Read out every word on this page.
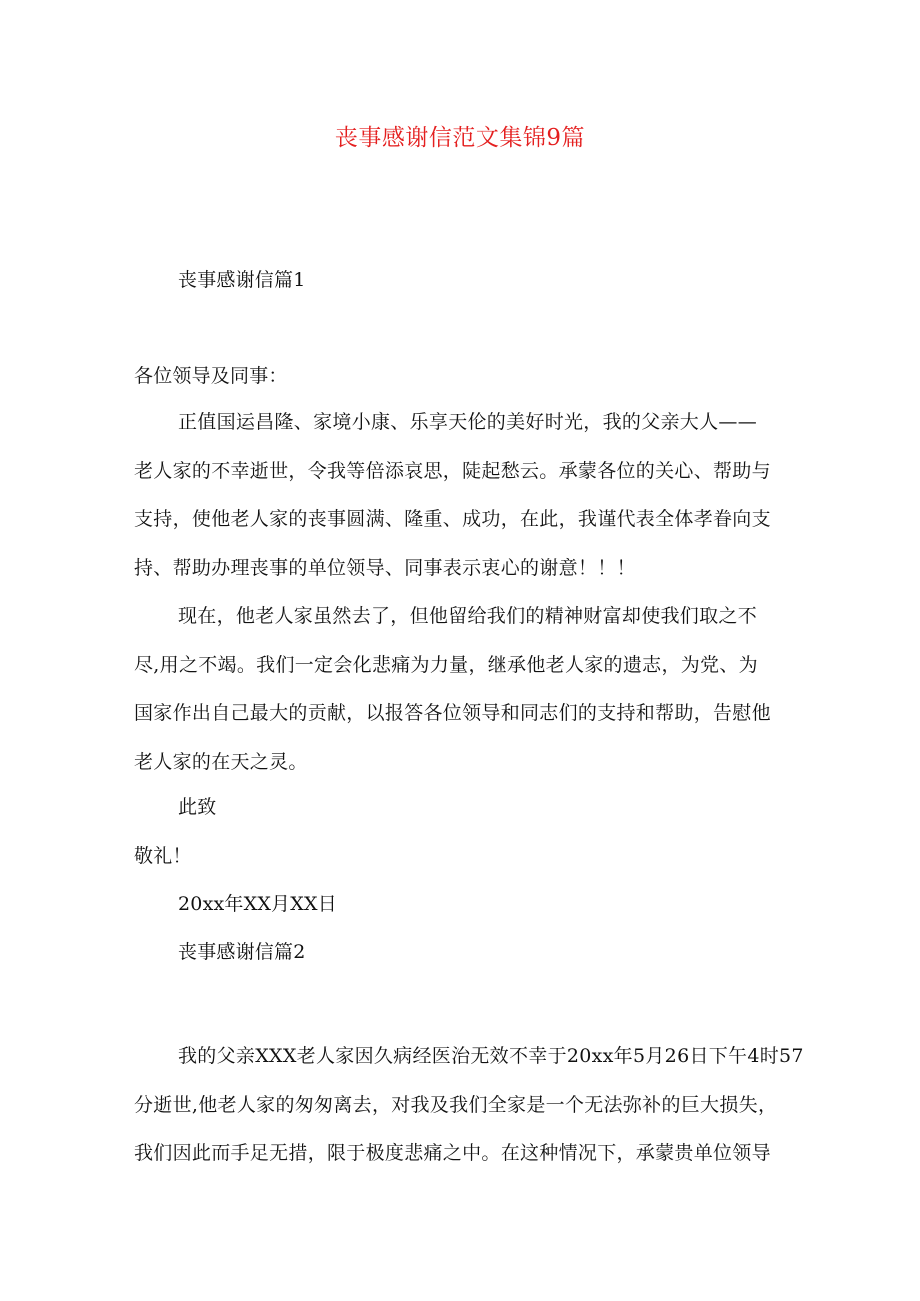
丧事感谢信范文集锦9篇
丧事感谢信篇1
各位领导及同事：
正值国运昌隆、家境小康、乐享天伦的美好时光，我的父亲大人——
老人家的不幸逝世，令我等倍添哀思，陡起愁云。承蒙各位的关心、帮助与
支持，使他老人家的丧事圆满、隆重、成功，在此，我谨代表全体孝眷向支
持、帮助办理丧事的单位领导、同事表示衷心的谢意！！！
现在，他老人家虽然去了，但他留给我们的精神财富却使我们取之不
尽,用之不竭。我们一定会化悲痛为力量，继承他老人家的遗志，为党、为
国家作出自己最大的贡献，以报答各位领导和同志们的支持和帮助，告慰他
老人家的在天之灵。
此致
敬礼！
20xx年XX月XX日
丧事感谢信篇2
我的父亲XXX老人家因久病经医治无效不幸于20xx年5月26日下午4时57
分逝世,他老人家的匆匆离去，对我及我们全家是一个无法弥补的巨大损失，
我们因此而手足无措，限于极度悲痛之中。在这种情况下，承蒙贵单位领导
